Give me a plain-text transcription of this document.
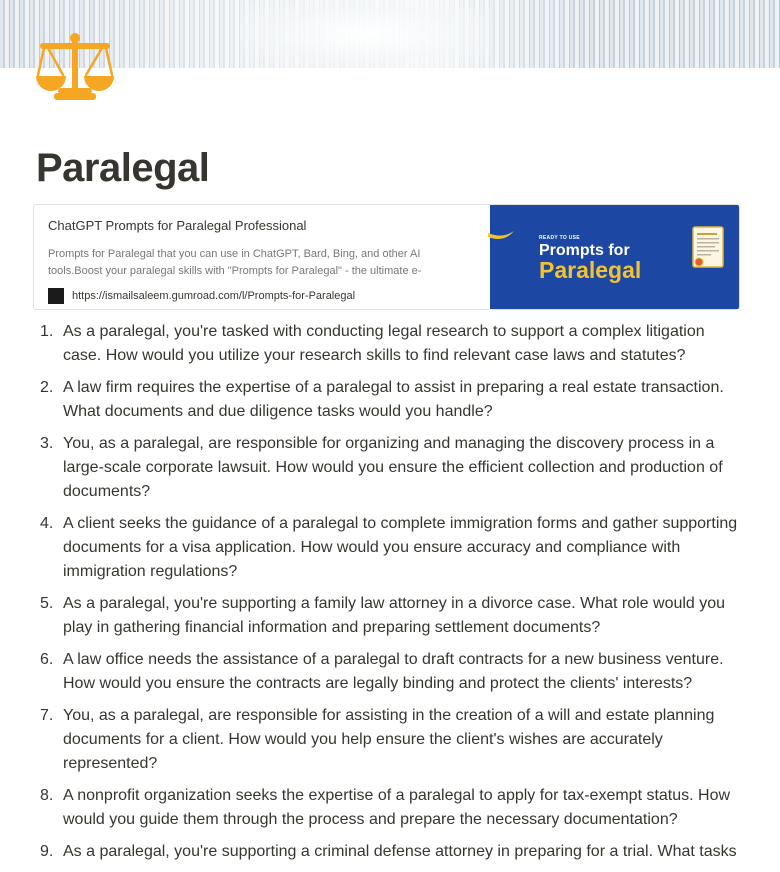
Paralegal
ChatGPT Prompts for Paralegal Professional
Prompts for Paralegal that you can use in ChatGPT, Bard, Bing, and other AI tools.Boost your paralegal skills with "Prompts for Paralegal" - the ultimate e-
https://ismailsaleem.gumroad.com/l/Prompts-for-Paralegal
READY TO USE
Prompts for
Paralegal
1. As a paralegal, you're tasked with conducting legal research to support a complex litigation case. How would you utilize your research skills to find relevant case laws and statutes?
2. A law firm requires the expertise of a paralegal to assist in preparing a real estate transaction. What documents and due diligence tasks would you handle?
3. You, as a paralegal, are responsible for organizing and managing the discovery process in a large-scale corporate lawsuit. How would you ensure the efficient collection and production of documents?
4. A client seeks the guidance of a paralegal to complete immigration forms and gather supporting documents for a visa application. How would you ensure accuracy and compliance with immigration regulations?
5. As a paralegal, you're supporting a family law attorney in a divorce case. What role would you play in gathering financial information and preparing settlement documents?
6. A law office needs the assistance of a paralegal to draft contracts for a new business venture. How would you ensure the contracts are legally binding and protect the clients' interests?
7. You, as a paralegal, are responsible for assisting in the creation of a will and estate planning documents for a client. How would you help ensure the client's wishes are accurately represented?
8. A nonprofit organization seeks the expertise of a paralegal to apply for tax-exempt status. How would you guide them through the process and prepare the necessary documentation?
9. As a paralegal, you're supporting a criminal defense attorney in preparing for a trial. What tasks
